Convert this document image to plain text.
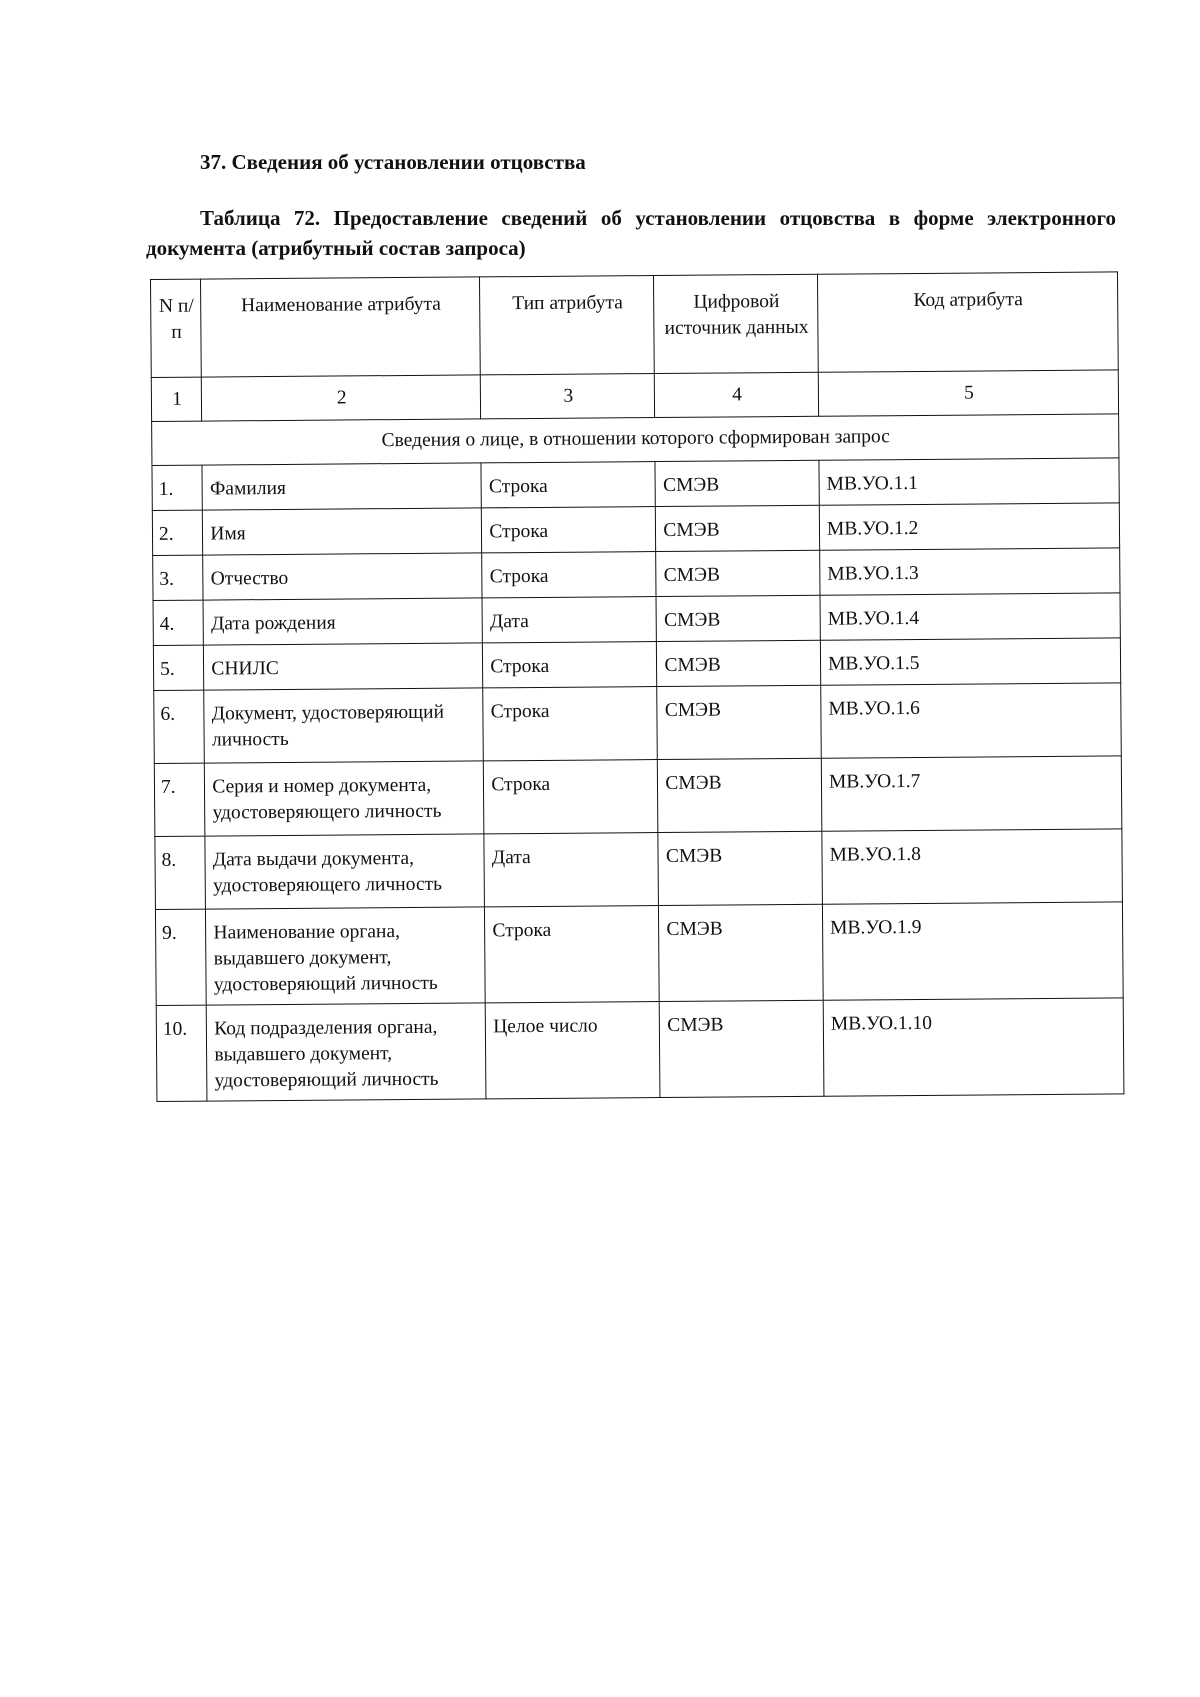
37. Сведения об установлении отцовства

Таблица 72. Предоставление сведений об установлении отцовства в форме электронного документа (атрибутный состав запроса)

N п/п	Наименование атрибута	Тип атрибута	Цифровой источник данных	Код атрибута
1	2	3	4	5
Сведения о лице, в отношении которого сформирован запрос				
1.	Фамилия	Строка	СМЭВ	МВ.УО.1.1
2.	Имя	Строка	СМЭВ	МВ.УО.1.2
3.	Отчество	Строка	СМЭВ	МВ.УО.1.3
4.	Дата рождения	Дата	СМЭВ	МВ.УО.1.4
5.	СНИЛС	Строка	СМЭВ	МВ.УО.1.5
6.	Документ, удостоверяющий личность	Строка	СМЭВ	МВ.УО.1.6
7.	Серия и номер документа, удостоверяющего личность	Строка	СМЭВ	МВ.УО.1.7
8.	Дата выдачи документа, удостоверяющего личность	Дата	СМЭВ	МВ.УО.1.8
9.	Наименование органа, выдавшего документ, удостоверяющий личность	Строка	СМЭВ	МВ.УО.1.9
10.	Код подразделения органа, выдавшего документ, удостоверяющий личность	Целое число	СМЭВ	МВ.УО.1.10
